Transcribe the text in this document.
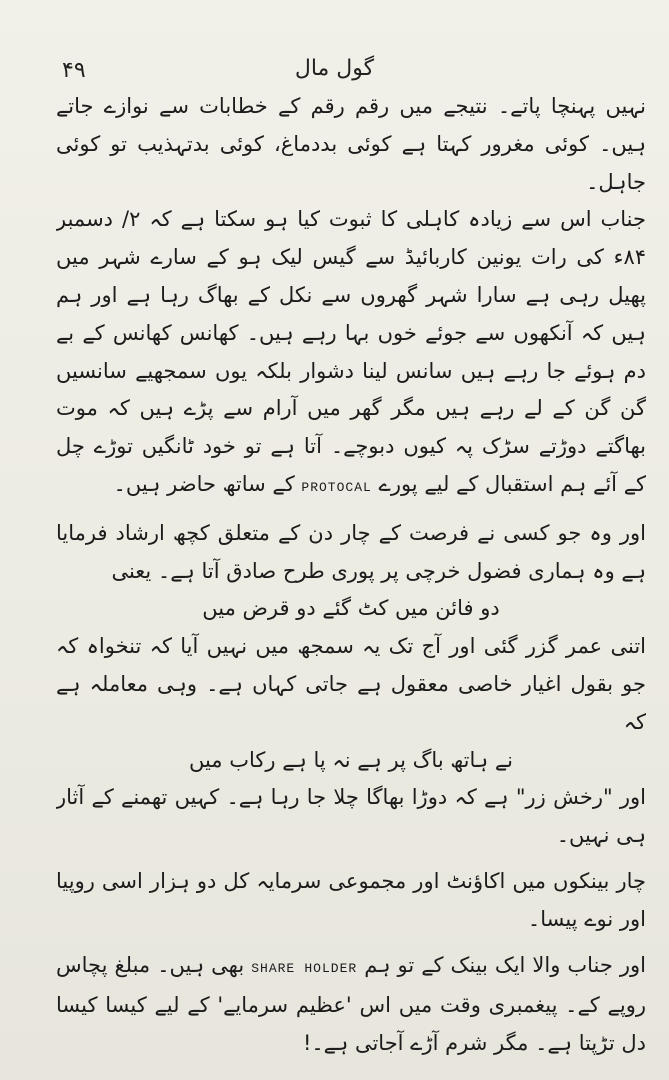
۴۹	گول مال

نہیں پہنچا پاتے۔ نتیجے میں رقم رقم کے خطابات سے نوازے جاتے ہیں۔ کوئی مغرور کہتا ہے کوئی بددماغ، کوئی بدتہذیب تو کوئی جاہل۔

جناب اس سے زیادہ کاہلی کا ثبوت کیا ہو سکتا ہے کہ ۲/ دسمبر ۸۴ء کی رات یونین کاربائیڈ سے گیس لیک ہو کے سارے شہر میں پھیل رہی ہے سارا شہر گھروں سے نکل کے بھاگ رہا ہے اور ہم ہیں کہ آنکھوں سے جوئے خوں بہا رہے ہیں۔ کھانس کھانس کے بے دم ہوئے جا رہے ہیں سانس لینا دشوار بلکہ یوں سمجھیے سانسیں گن گن کے لے رہے ہیں مگر گھر میں آرام سے پڑے ہیں کہ موت بھاگتے دوڑتے سڑک پہ کیوں دبوچے۔ آتا ہے تو خود ٹانگیں توڑے چل کے آئے ہم استقبال کے لیے پورے PROTOCAL کے ساتھ حاضر ہیں۔

اور وہ جو کسی نے فرصت کے چار دن کے متعلق کچھ ارشاد فرمایا ہے وہ ہماری فضول خرچی پر پوری طرح صادق آتا ہے۔ یعنی

دو فائن میں کٹ گئے دو قرض میں

اتنی عمر گزر گئی اور آج تک یہ سمجھ میں نہیں آیا کہ تنخواہ کہ جو بقول اغیار خاصی معقول ہے جاتی کہاں ہے۔ وہی معاملہ ہے کہ

نے ہاتھ باگ پر ہے نہ پا ہے رکاب میں

اور "رخش زر" ہے کہ دوڑا بھاگا چلا جا رہا ہے۔ کہیں تھمنے کے آثار ہی نہیں۔

چار بینکوں میں اکاؤنٹ اور مجموعی سرمایہ کل دو ہزار اسی روپیا اور نوے پیسا۔

اور جناب والا ایک بینک کے تو ہم SHARE HOLDER بھی ہیں۔ مبلغ پچاس روپے کے۔ پیغمبری وقت میں اس 'عظیم سرمایے' کے لیے کیسا کیسا دل تڑپتا ہے۔ مگر شرم آڑے آجاتی ہے۔!
